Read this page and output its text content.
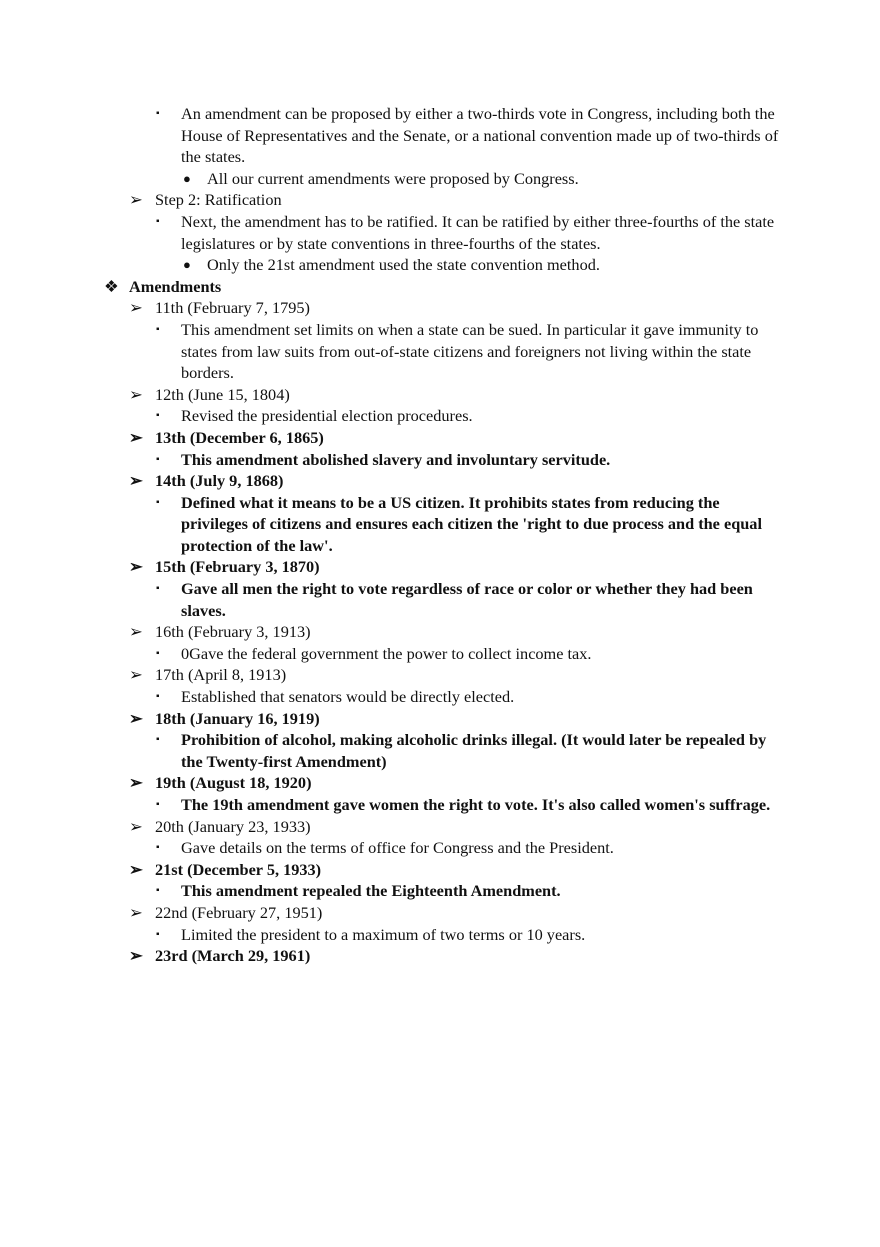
▪ An amendment can be proposed by either a two-thirds vote in Congress, including both the House of Representatives and the Senate, or a national convention made up of two-thirds of the states.
● All our current amendments were proposed by Congress.
➢ Step 2: Ratification
▪ Next, the amendment has to be ratified. It can be ratified by either three-fourths of the state legislatures or by state conventions in three-fourths of the states.
● Only the 21st amendment used the state convention method.
❖ Amendments
➢ 11th (February 7, 1795)
▪ This amendment set limits on when a state can be sued. In particular it gave immunity to states from law suits from out-of-state citizens and foreigners not living within the state borders.
➢ 12th (June 15, 1804)
▪ Revised the presidential election procedures.
➢ 13th (December 6, 1865)
▪ This amendment abolished slavery and involuntary servitude.
➢ 14th (July 9, 1868)
▪ Defined what it means to be a US citizen. It prohibits states from reducing the privileges of citizens and ensures each citizen the 'right to due process and the equal protection of the law'.
➢ 15th (February 3, 1870)
▪ Gave all men the right to vote regardless of race or color or whether they had been slaves.
➢ 16th (February 3, 1913)
▪ 0Gave the federal government the power to collect income tax.
➢ 17th (April 8, 1913)
▪ Established that senators would be directly elected.
➢ 18th (January 16, 1919)
▪ Prohibition of alcohol, making alcoholic drinks illegal. (It would later be repealed by the Twenty-first Amendment)
➢ 19th (August 18, 1920)
▪ The 19th amendment gave women the right to vote. It's also called women's suffrage.
➢ 20th (January 23, 1933)
▪ Gave details on the terms of office for Congress and the President.
➢ 21st (December 5, 1933)
▪ This amendment repealed the Eighteenth Amendment.
➢ 22nd (February 27, 1951)
▪ Limited the president to a maximum of two terms or 10 years.
➢ 23rd (March 29, 1961)
